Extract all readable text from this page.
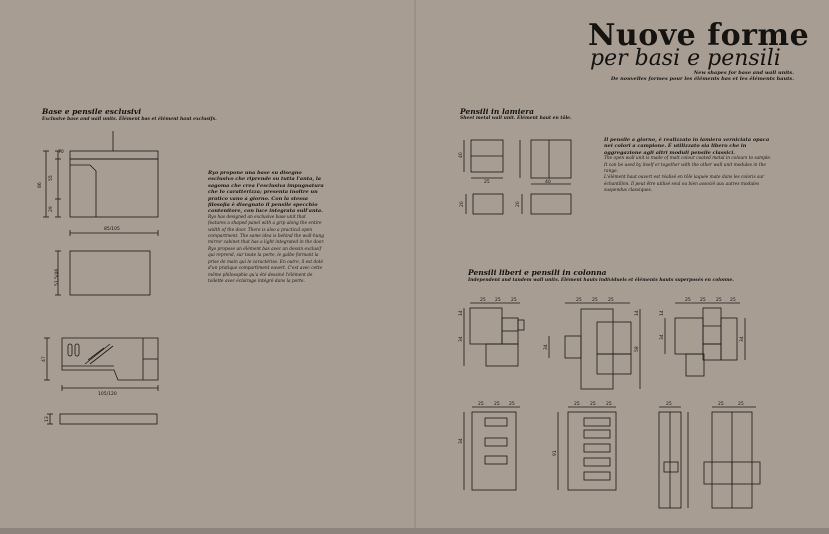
Nuove forme
per basi e pensili
New shapes for base and wall units.
De nouvelles formes pour les éléments bas et les éléments hauts.
Base e pensile esclusivi
Exclusive base and wall units. Élément bas et élément haut exclusifs.
Ryo propone una base su disegno esclusivo che riprende su tutta l'anta, la sagoma che crea l'esclusiva impugnatura che lo caratterizza; presenta inoltre un pratico vano a giorno. Con la stessa filosofia è disegnato il pensile specchio contenitore, con luce integrata sull'anta.
Ryo has designed an exclusive base unit that features a shaped panel with a grip along the entire width of the door. There is also a practical open compartment. The same idea is behind the wall-hung mirror cabinet that has a light integrated in the door.
Ryo propose un élément bas avec un dessin exclusif qui reprend, sur toute la porte, le galbe formant la prise de main qui le caractérise. En outre, il est doté d'un pratique compartiment ouvert. C'est avec cette même philosophie qu'a été dessiné l'élément de toilette avec éclairage intégré dans la porte.
Pensili in lamiera
Sheet metal wall unit. Élément haut en tôle.
Il pensile a giorno, è realizzato in lamiera verniciata opaca nei colori a campione. È utilizzato sia libero che in aggregazione agli altri moduli pensile classici.
The open wall unit is made of matt colour coated metal in colours to sample. It can be used by itself or together with the other wall unit modules in the range.
L'élément haut ouvert est réalisé en tôle laquée mate dans les coloris sur échantillon. Il peut être utilisé seul ou bien associé aux autres modules suspendus classiques.
Pensili liberi e pensili in colonna
Independent and tandem wall units. Élément hauts individuels et éléments hauts superposés en colonne.
70
55
86
29
85/105
51,5/46
47
105/120
13
40
25	40
20	20
25 25 25	25 25 25	25 25 25 25
14
34
34
14
58
14
34	34
25 25 25	25 25 25	25	25	25
34
91
